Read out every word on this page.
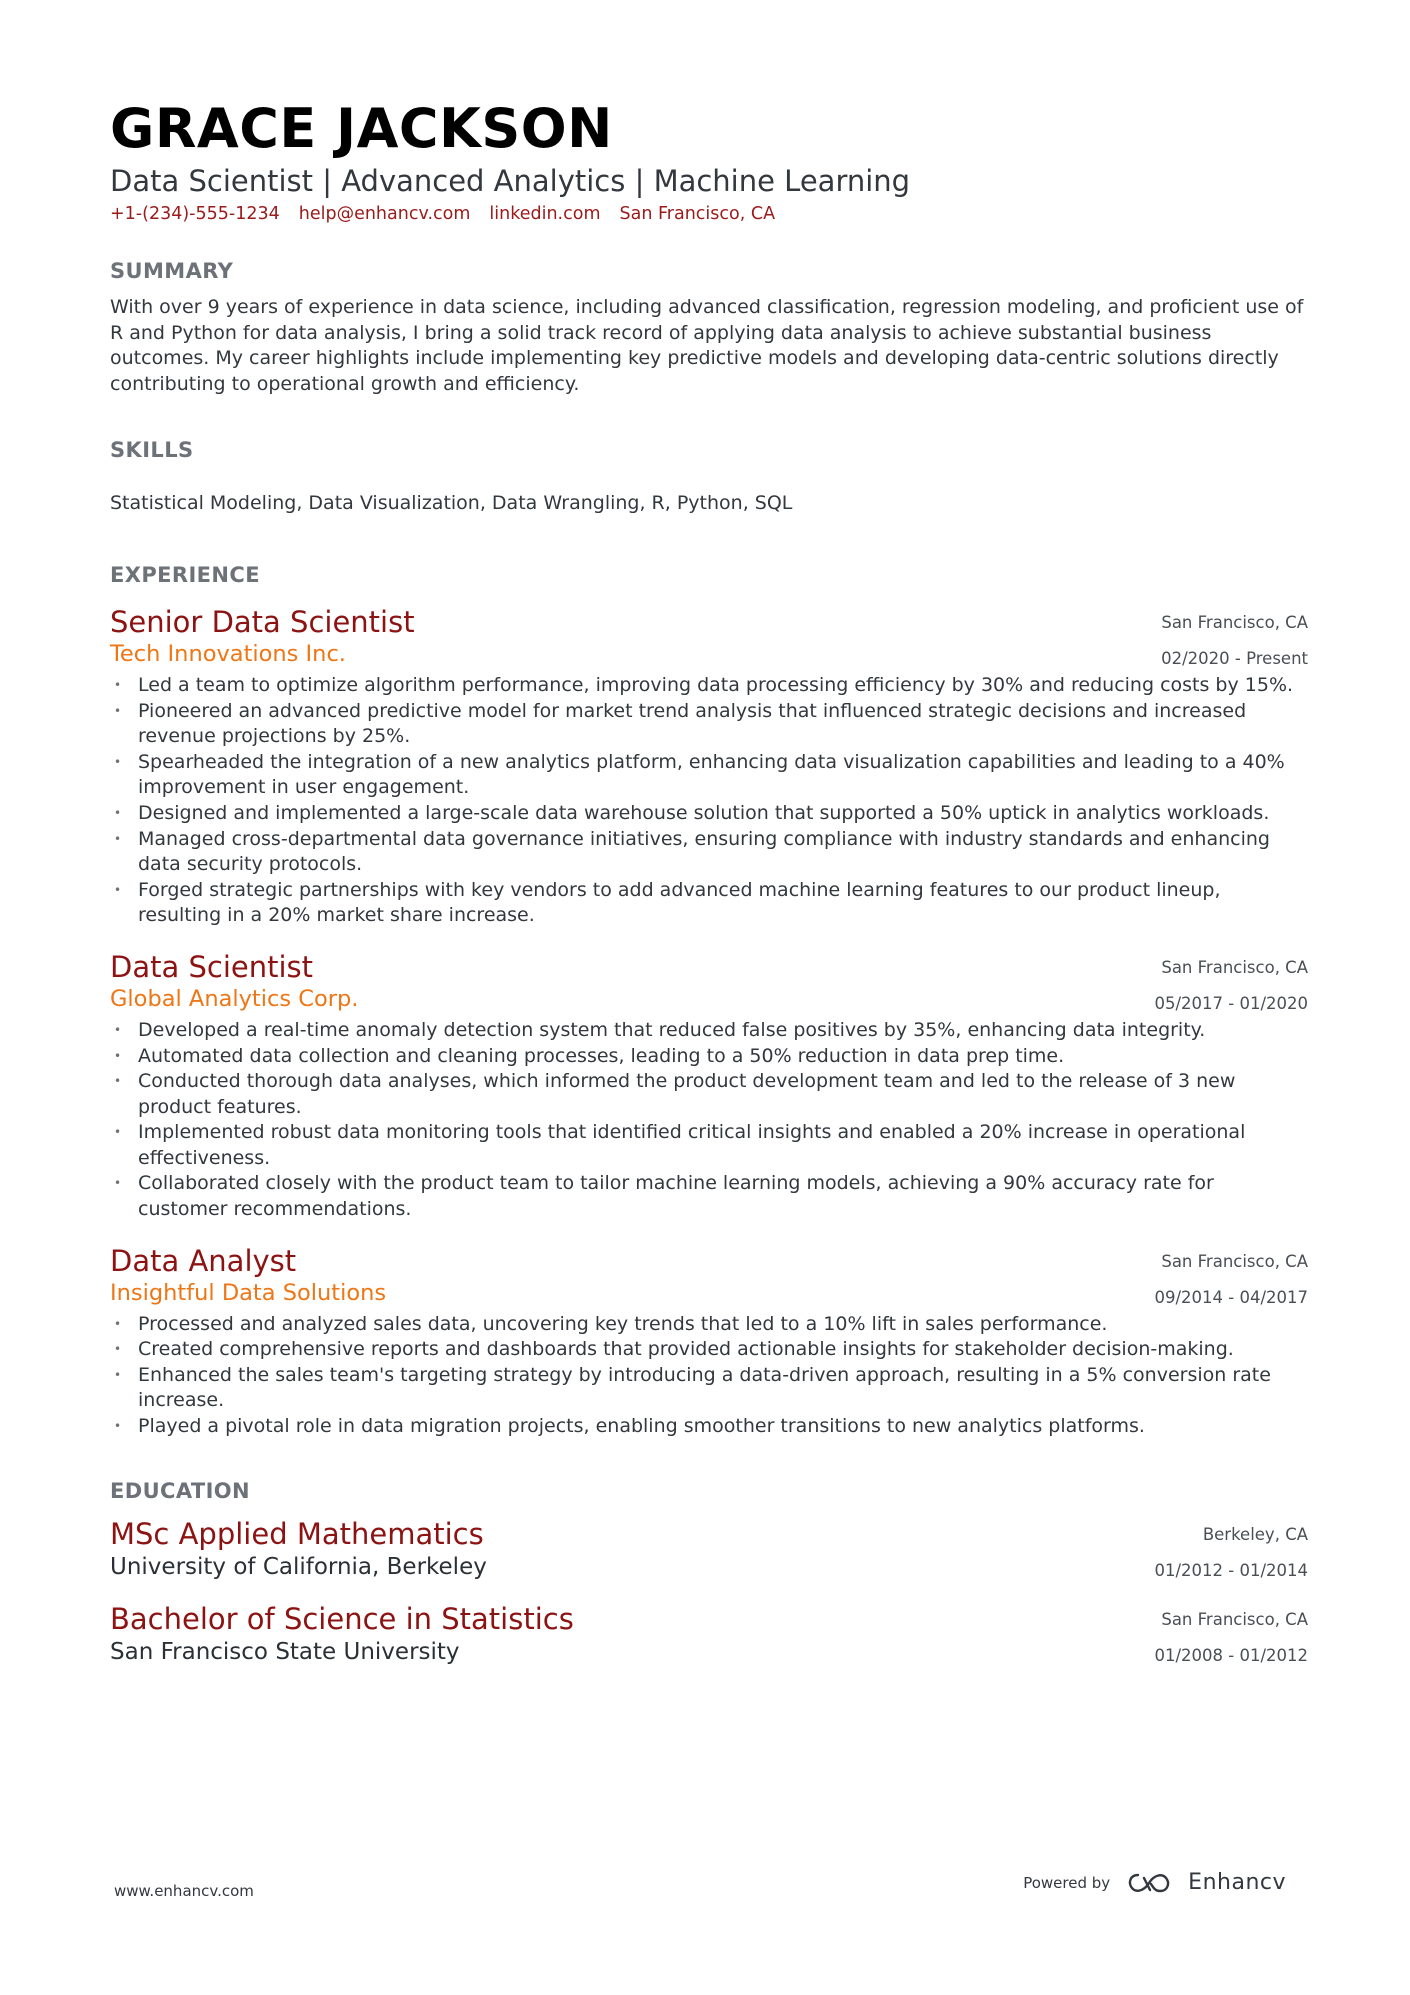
GRACE JACKSON
Data Scientist | Advanced Analytics | Machine Learning
+1-(234)-555-1234 help@enhancv.com linkedin.com San Francisco, CA
SUMMARY

With over 9 years of experience in data science, including advanced classification, regression modeling, and proficient use of R and Python for data analysis, I bring a solid track record of applying data analysis to achieve substantial business outcomes. My career highlights include implementing key predictive models and developing data-centric solutions directly contributing to operational growth and efficiency.

SKILLS

Statistical Modeling, Data Visualization, Data Wrangling, R, Python, SQL

EXPERIENCE
Senior Data Scientist
Tech Innovations Inc.
San Francisco, CA
02/2020 - Present
• Led a team to optimize algorithm performance, improving data processing efficiency by 30% and reducing costs by 15%.
• Pioneered an advanced predictive model for market trend analysis that influenced strategic decisions and increased revenue projections by 25%.
• Spearheaded the integration of a new analytics platform, enhancing data visualization capabilities and leading to a 40% improvement in user engagement.
• Designed and implemented a large-scale data warehouse solution that supported a 50% uptick in analytics workloads.
• Managed cross-departmental data governance initiatives, ensuring compliance with industry standards and enhancing data security protocols.
• Forged strategic partnerships with key vendors to add advanced machine learning features to our product lineup, resulting in a 20% market share increase.
Data Scientist
Global Analytics Corp.
San Francisco, CA
05/2017 - 01/2020
• Developed a real-time anomaly detection system that reduced false positives by 35%, enhancing data integrity.
• Automated data collection and cleaning processes, leading to a 50% reduction in data prep time.
• Conducted thorough data analyses, which informed the product development team and led to the release of 3 new product features.
• Implemented robust data monitoring tools that identified critical insights and enabled a 20% increase in operational effectiveness.
• Collaborated closely with the product team to tailor machine learning models, achieving a 90% accuracy rate for customer recommendations.
Data Analyst
Insightful Data Solutions
San Francisco, CA
09/2014 - 04/2017
• Processed and analyzed sales data, uncovering key trends that led to a 10% lift in sales performance.
• Created comprehensive reports and dashboards that provided actionable insights for stakeholder decision-making.
• Enhanced the sales team's targeting strategy by introducing a data-driven approach, resulting in a 5% conversion rate increase.
• Played a pivotal role in data migration projects, enabling smoother transitions to new analytics platforms.
EDUCATION
MSc Applied Mathematics
University of California, Berkeley
Berkeley, CA
01/2012 - 01/2014
Bachelor of Science in Statistics
San Francisco State University
San Francisco, CA
01/2008 - 01/2012
www.enhancv.com	Powered by	Enhancv
